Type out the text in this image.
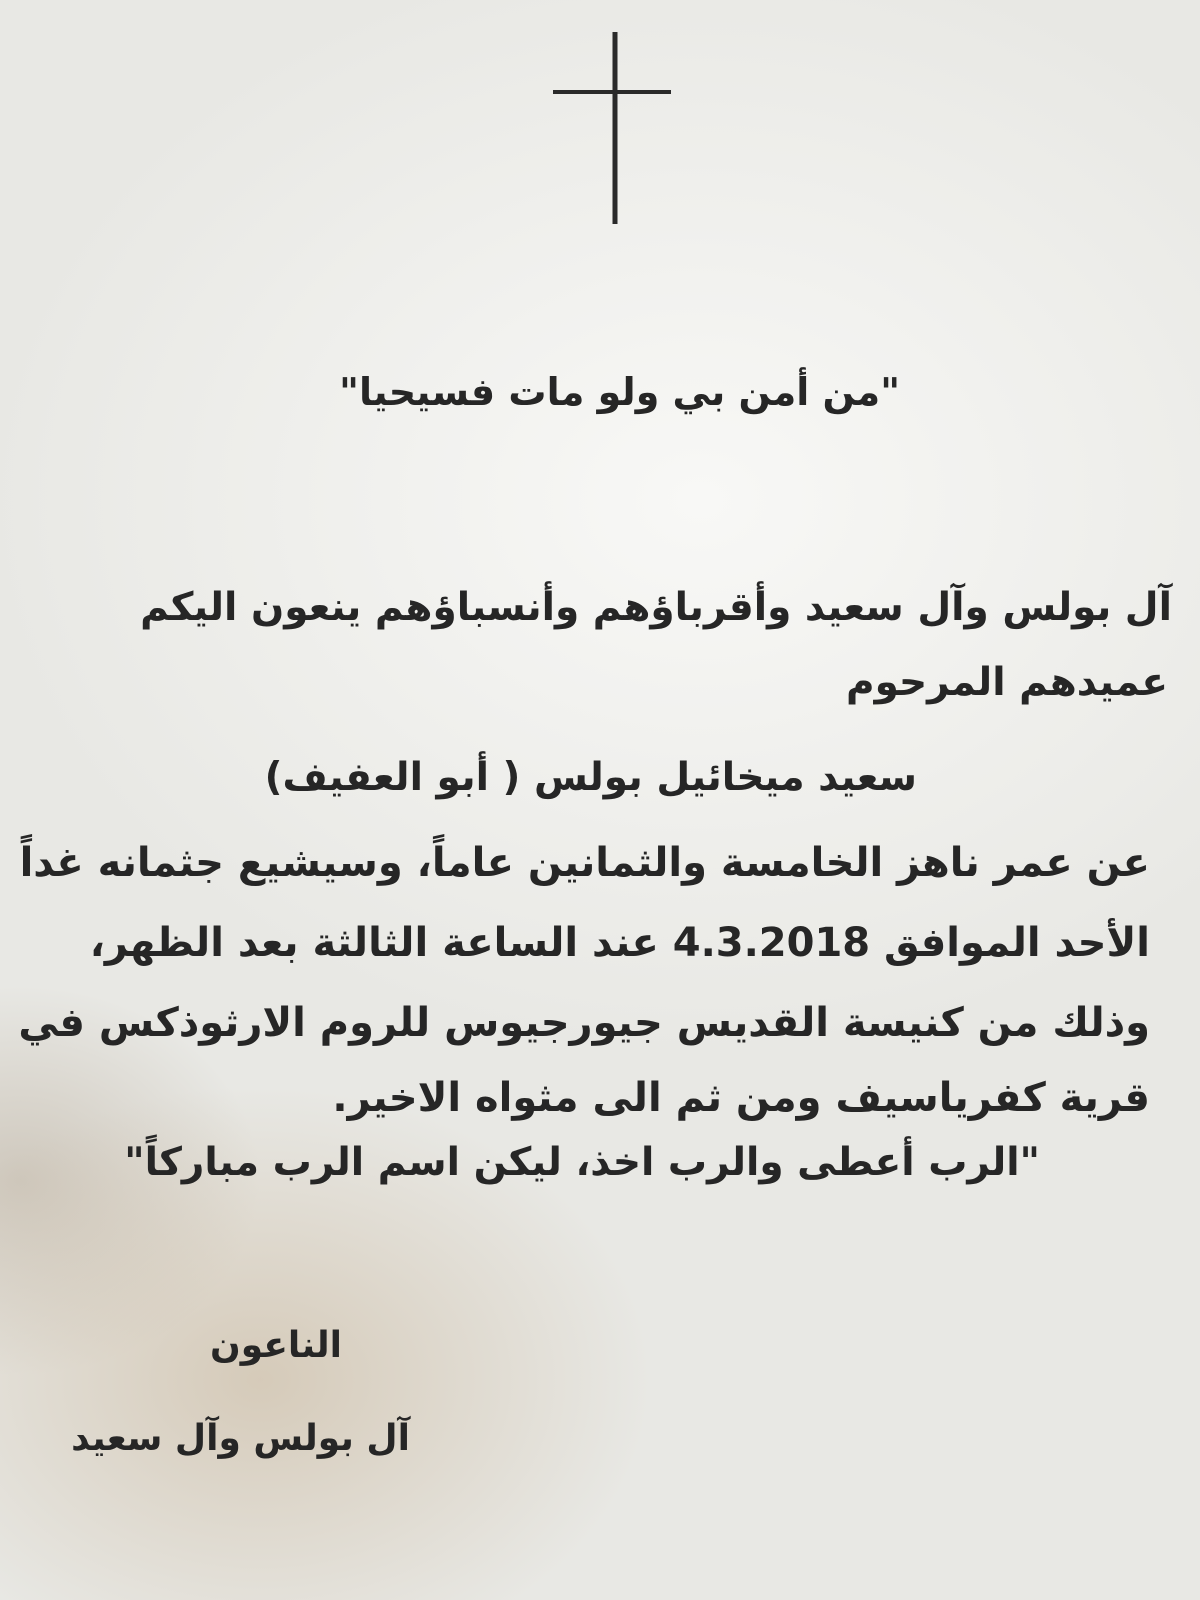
"من أمن بي ولو مات فسيحيا"

آل بولس وآل سعيد وأقرباؤهم وأنسباؤهم ينعون اليكم

عميدهم المرحوم

سعيد ميخائيل بولس ( أبو العفيف)

عن عمر ناهز الخامسة والثمانين عاماً، وسيشيع جثمانه غداً

الأحد الموافق 4.3.2018 عند الساعة الثالثة بعد الظهر،

وذلك من كنيسة القديس جيورجيوس للروم الارثوذكس في

قرية كفرياسيف ومن ثم الى مثواه الاخير.

"الرب أعطى والرب اخذ، ليكن اسم الرب مباركاً"

الناعون

آل بولس وآل سعيد
